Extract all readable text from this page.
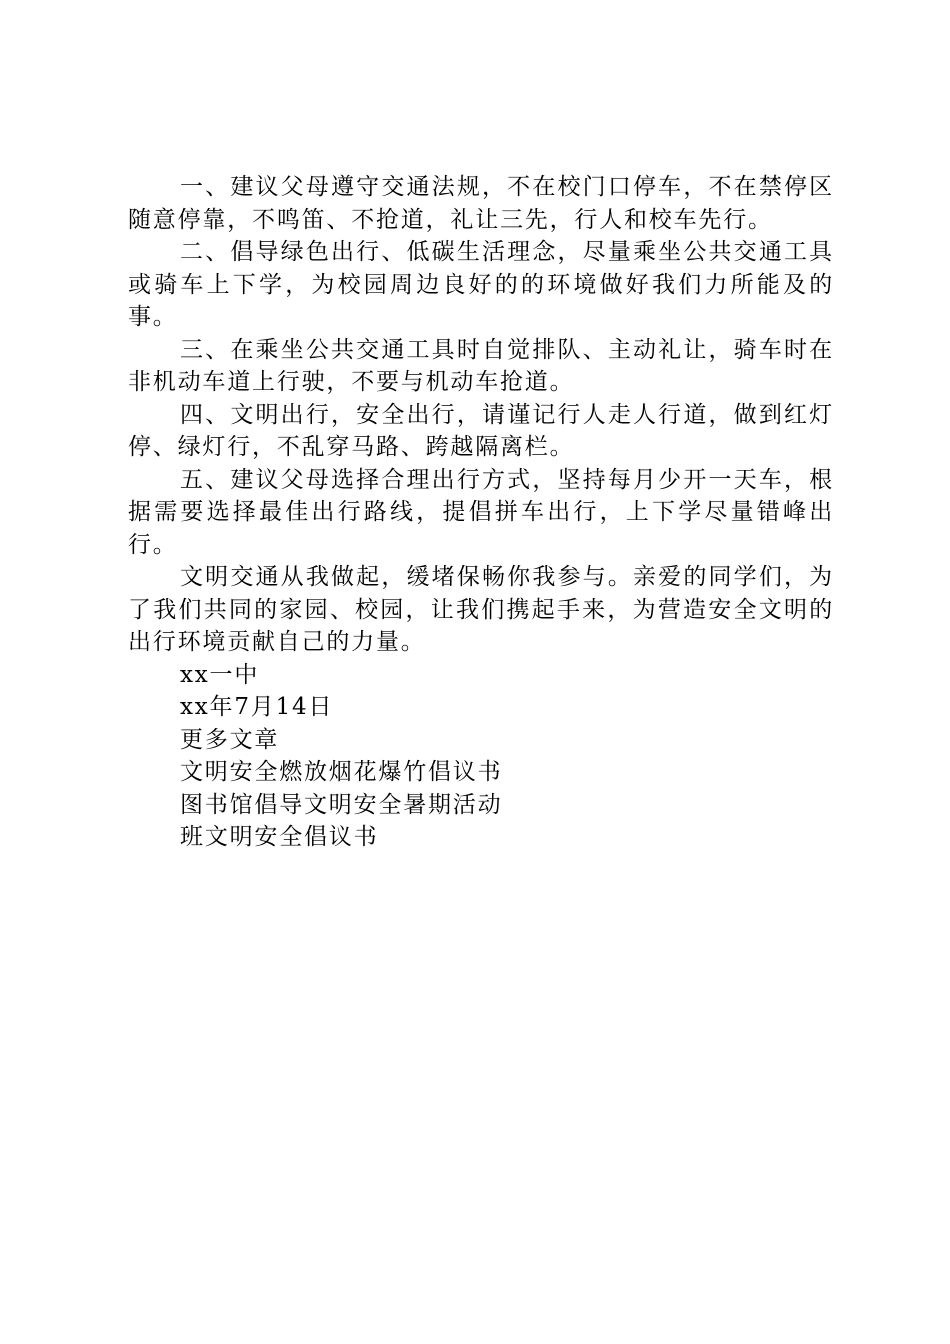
一、建议父母遵守交通法规，不在校门口停车，不在禁停区随意停靠，不鸣笛、不抢道，礼让三先，行人和校车先行。

二、倡导绿色出行、低碳生活理念，尽量乘坐公共交通工具或骑车上下学，为校园周边良好的的环境做好我们力所能及的事。

三、在乘坐公共交通工具时自觉排队、主动礼让，骑车时在非机动车道上行驶，不要与机动车抢道。

四、文明出行，安全出行，请谨记行人走人行道，做到红灯停、绿灯行，不乱穿马路、跨越隔离栏。

五、建议父母选择合理出行方式，坚持每月少开一天车，根据需要选择最佳出行路线，提倡拼车出行，上下学尽量错峰出行。

文明交通从我做起，缓堵保畅你我参与。亲爱的同学们，为了我们共同的家园、校园，让我们携起手来，为营造安全文明的出行环境贡献自己的力量。

xx一中

xx年7月14日

更多文章

文明安全燃放烟花爆竹倡议书

图书馆倡导文明安全暑期活动

班文明安全倡议书
